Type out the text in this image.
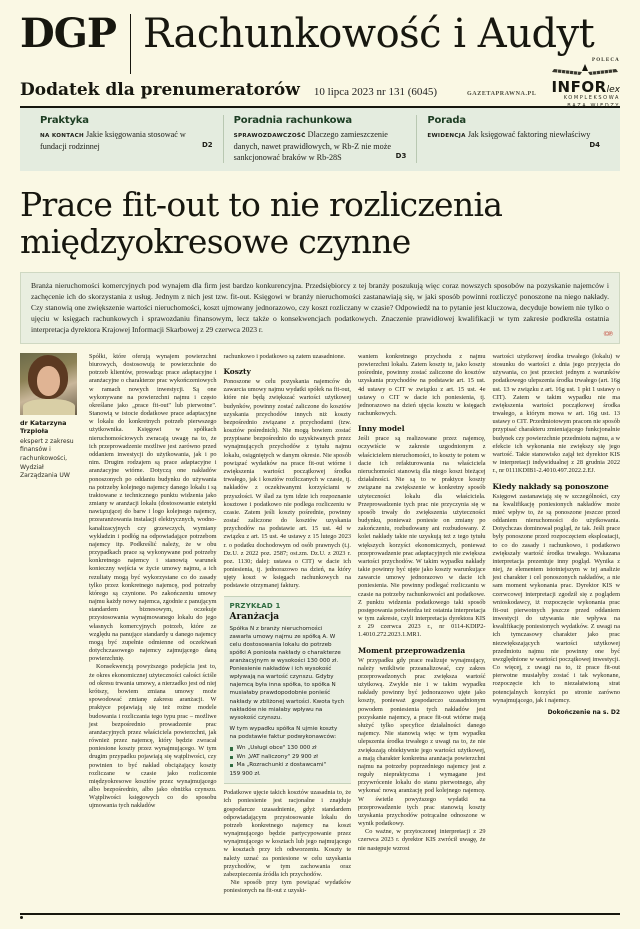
DGP Rachunkowość i Audyt
Dodatek dla prenumeratorów 10 lipca 2023 nr 131 (6045)	GAZETAPRAWNA.PL
POLECA
INFORlex
KOMPLEKSOWA
BAZA WIEDZY
Praktyka

NA KONTACH Jakie księgowania stosować w fundacji rodzinnej	D2

Poradnia rachunkowa

SPRAWOZDAWCZOŚĆ Dlaczego zamieszczenie danych, nawet prawidłowych, w Rb-Z nie może sankcjonować braków w Rb-28S	D3

Porada

EWIDENCJA Jak księgować faktoring niewłaściwy
D4

Prace fit-out to nie rozliczenia międzyokresowe czynne

Branża nieruchomości komercyjnych pod wynajem dla firm jest bardzo konkurencyjna. Przedsiębiorcy z tej branży poszukują więc coraz nowszych sposobów na pozyskanie najemców i zachęcenie ich do skorzystania z usług. Jednym z nich jest tzw. fit-out. Księgowi w branży nieruchomości zastanawiają się, w jaki sposób powinni rozliczyć ponoszone na niego nakłady. Czy stanowią one zwiększenie wartości nieruchomości, koszt ujmowany jednorazowo, czy koszt rozliczany w czasie? Odpowiedź na to pytanie jest kluczowa, decyduje bowiem nie tylko o ujęciu w księgach rachunkowych i sprawozdaniu finansowym, lecz także o konsekwencjach podatkowych. Znaczenie prawidłowej kwalifikacji w tym zakresie podkreśla ostatnia interpretacja dyrektora Krajowej Informacji Skarbowej z 29 czerwca 2023 r.	©℗
dr Katarzyna Trzpioła
ekspert z zakresu finansów i rachunkowości, Wydział Zarządzania UW

Spółki, które oferują wynajem powierzchni biurowych, dostosowują te powierzchnie do potrzeb klientów, prowadząc prace adaptacyjne i aranżacyjne o charakterze prac wykończeniowych w ramach nowych inwestycji. Są one wykonywane na powierzchni najmu i często określane jako „prace fit-out" lub pierwotne". Stanowią w istocie dodatkowe prace adaptacyjne w lokalu do konkretnych potrzeb pierwszego użytkownika. Księgowi w spółkach nieruchomościowych zwracają uwagę na to, że ich przeprowadzenie możliwe jest zarówno przed oddaniem inwestycji do użytkowania, jak i po nim. Drugim rodzajem są prace adaptacyjne i aranżacyjne wtórne. Dotyczą one nakładów ponoszonych po oddaniu budynku do używania na potrzeby kolejnego najemcy danego lokalu i są traktowane z technicznego punktu widzenia jako zmiany w aranżacji lokalu (dostosowanie estetyki nawiązującej do barw i logo kolejnego najemcy, przearanżowania instalacji elektrycznych, wodno-kanalizacyjnych czy grzewczych, wymiany wykładzin i podłóg na odpowiadające potrzebom najemcy itp. Podkreślić należy, że w obu przypadkach prace są wykonywane pod potrzeby konkretnego najemcy i stanowią warunek konieczny wejścia w życie umowy najmu, a ich rezultaty mogą być wykorzystane co do zasady tylko przez konkretnego najemcę, pod potrzeby którego są czynione. Po zakończeniu umowy najmu każdy nowy najemca, zgodnie z panującym standardem biznesowym, oczekuje przystosowania wynajmowanego lokalu do jego własnych komercyjnych potrzeb, które ze względu na panujące standardy u danego najemcy mogą być zupełnie odmienne od oczekiwań dotychczasowego najemcy zajmującego daną powierzchnię.

Konsekwencją powyższego podejścia jest to, że okres ekonomicznej użyteczności całości ściśle od okresu trwania umowy, a nierzadko jest od niej krótszy, bowiem zmiana umowy może spowodować zmianę zakresu aranżacji. W praktyce pojawiają się też rożne modele budowania i rozliczania tego typu prac – możliwe jest bezpośrednio prowadzenie prac aranżacyjnych przez właściciela powierzchni, jak również przez najemcę, który będzie zwracał poniesione koszty przez wynajmującego. W tym drugim przypadku pojawiają się wątpliwości, czy powinien to być nakład obciążający koszty rozliczane w czasie jako rozliczenie międzyokresowe kosztów przez wynajmującego albo bezpośrednio, albo jako obniżka czynszu. Wątpliwości księgowych co do sposobu ujmowania tych nakładów

rachunkowo i podatkowo są zatem uzasadnione.

Koszty

Ponoszone w celu pozyskania najemców do zawarcia umowy najmu wydatki spółek na fit-out, które nie będą zwiększać wartości użytkowej budynków, powinny zostać zaliczone do kosztów uzyskania przychodów innych niż koszty bezpośrednio związane z przychodami (tzw. kosztów pośrednich). Nie mogą bowiem zostać przypisane bezpośrednio do uzyskiwanych przez wynajmujących przychodów z tytułu najmu lokalu, osiągniętych w danym okresie. Nie sposób powiązać wydatków na prace fit-out wtórne i zwiększenia wartości początkowej środka trwałego, jak i kosztów rozliczanych w czasie, tj. nakładów z oczekiwanymi korzyściami w przyszłości. W ślad za tym idzie ich rozpoznanie kosztowe i podatkowo nie podlega rozliczeniu w czasie. Zatem jeśli koszty pośrednie, powinny zostać zaliczone do kosztów uzyskania przychodów na podstawie art. 15 ust. 4d w związku z art. 15 ust. 4e ustawy z 15 lutego 2023 r. o podatku dochodowym od osób prawnych (t.j. Dz.U. z 2022 poz. 2587; ost.zm. Dz.U. z 2023 r. poz. 1130; dalej: ustawa o CIT) w dacie ich poniesienia, tj. jednorazowo na dzień, na który ujęty koszt w księgach rachunkowych na podstawie otrzymanej faktury.

PRZYKŁAD 1
Aranżacja

Spółka N z branży nieruchomości zawarła umowy najmu ze spółką A. W celu dostosowania lokalu do potrzeb spółki A poniosła nakłady o charakterze aranżacyjnym w wysokości 130 000 zł. Poniesienie nakładów i ich wysokość wpływają na wartość czynszu. Gdyby najemcą była inna spółka, to spółka N musiałaby prawdopodobnie ponieść nakłady w zbliżonej wartości. Kwota tych nakładów nie miałaby wpływu na wysokość czynszu.

W tym wypadku spółka N ujmie koszty na podstawie faktur podwykonawców:

Wn „Usługi obce" 130 000 zł
Wn „VAT naliczony" 29 900 zł
Ma „Rozrachunki z dostawcami"
159 900 zł.

Podatkowe ujęcie takich kosztów uzasadnia to, że ich poniesienie jest racjonalne i znajduje gospodarcze uzasadnienie, gdyż standardem odpowiadającym przystosowanie lokalu do potrzeb konkretnego najemcy na koszt wynajmującego będzie partycypowanie przez wynajmującego w kosztach lub jego najmującego w kosztach przy ich odtworzeniu. Koszty te należy uznać za poniesione w celu uzyskania przychodów, w tym zachowania oraz zabezpieczenia źródła ich przychodów.

Nie sposób przy tym powiązać wydatków poniesionych na fit-out z uzyski-

waniem konkretnego przychodu z najmu powierzchni lokalu. Zatem koszty te, jako koszty pośrednie, powinny zostać zaliczone do kosztów uzyskania przychodów na podstawie art. 15 ust. 4d ustawy o CIT w związku z art. 15 ust. 4e ustawy o CIT w dacie ich poniesienia, tj. jednorazowo na dzień ujęcia kosztu w księgach rachunkowych.

Inny model

Jeśli prace są realizowane przez najemcę, oczywiście w zakresie uzgodnionym z właścicielem nieruchomości, to koszty te potem w dacie ich refakturowania na właściciela nieruchomości stanowią dla niego koszt bieżącej działalności. Nie są to w praktyce koszty związane na zwiększenie w konkretny sposób użyteczności lokalu dla właściciela. Przeprowadzenie tych prac nie przyczynia się w sposób trwały do zwiększenia użyteczności budynku, ponieważ poniesie on zmiany po zakończeniu, rozbudowany ani rozbudowany. Z kolei nakłady takie nie uzyskują też z tego tytułu większych korzyści ekonomicznych, ponieważ przeprowadzenie prac adaptacyjnych nie zwiększa wartości przychodów. W takim wypadku nakłady takie powinny być ujęte jako koszty warunkujące zawarcie umowy jednorazowo w dacie ich poniesienia. Nie powinny podlegać rozliczaniu w czasie na potrzeby rachunkowości ani podatkowe. Z punktu widzenia podatkowego taki sposób postępowania potwierdza też ostatnia interpretacja w tym zakresie, czyli interpretacja dyrektora KIS z 29 czerwca 2023 r., nr 0114-KDIP2-1.4010.272.2023.1.MR1.

Moment przeprowadzenia

W przypadku gdy prace realizuje wynajmujący, należy wnikliwie przeanalizować, czy zakres przeprowadzonych prac zwiększa wartość użytkową. Zwykle nie i w takim wypadku nakłady powinny być jednorazowo ujęte jako koszty, ponieważ gospodarczo uzasadnionym powodem poniesienia tych nakładów jest pozyskanie najemcy, a prace fit-out wtórne mają służyć tylko specyfice działalności danego najemcy. Nie stanowią więc w tym wypadku ulepszenia środka trwałego z uwagi na to, że nie zwiększają obiektywnie jego wartości użytkowej, a mają charakter konkretna aranżacja powierzchni najmu na potrzeby poprzedniego najemcy jest z reguły niepraktyczna i wymagane jest przywrócenie lokalu do stanu pierwotnego, aby wykonać nową aranżację pod kolejnego najemcę. W świetle powyższego wydatki na przeprowadzenie tych prac stanowią koszty uzyskania przychodów potrącalne odnoszone w wynik podatkowy.

Co ważne, w przytoczonej interpretacji z 29 czerwca 2023 r. dyrektor KIS zwrócił uwagę, że nie następuje wzrost

wartości użytkowej środka trwałego (lokalu) w stosunku do wartości z dnia jego przyjęcia do używania, co jest przecież jednym z warunków podatkowego ulepszenia środka trwałego (art. 16g ust. 13 w związku z art. 16g ust. 1 pkt 1 ustawy o CIT). Zatem w takim wypadku nie ma zwiększenia wartości początkowej środka trwałego, a którym mowa w art. 16g ust. 13 ustawy o CIT. Przedmiotowym pracom nie sposób przypisać charakteru zmieniającego funkcjonalnie budynek czy powierzchnie przedmiotu najmu, a w efekcie ich wykonania nie zwiększy się jego wartość. Takie stanowisko zajął też dyrektor KIS w interpretacji indywidualnej z 28 grudnia 2022 r., nr 0111KDIB1-2.4010.497.2022.2.EJ.

Kiedy nakłady są ponoszone

Księgowi zastanawiają się w szczególności, czy na kwalifikację poniesionych nakładów może mieć wpływ to, że są ponoszone jeszcze przed oddaniem nieruchomości do użytkowania. Dotychczas dominował pogląd, że tak. Jeśli prace były ponoszone przed rozpoczęciem eksploatacji, to co do zasady i rachunkowo, i podatkowo zwiększały wartość środka trwałego. Wskazana interpretacja prezentuje inny pogląd. Wynika z niej, że elementem istotniejszym w tej analizie jest charakter i cel ponoszonych nakładów, a nie sam moment wykonania prac. Dyrektor KIS w czerwcowej interpretacji zgodził się z poglądem wnioskodawcy, iż rozpoczęcie wykonania prac fit-out pierwotnych jeszcze przed oddaniem inwestycji do używania nie wpływa na kwalifikację poniesionych wydatków. Z uwagi na ich tymczasowy charakter jako prac niezwiększających wartości użytkowej przedmiotu najmu nie powinny one być uwzględnione w wartości początkowej inwestycji. Co więcej, z uwagi na to, iż prace fit-out pierwotne musiałyby zostać i tak wykonane, rozpoczęcie ich to niezałatwioną strat potencjalnych korzyści po stronie zarówno wynajmującego, jak i najemcy.

Dokończenie na s. D2
